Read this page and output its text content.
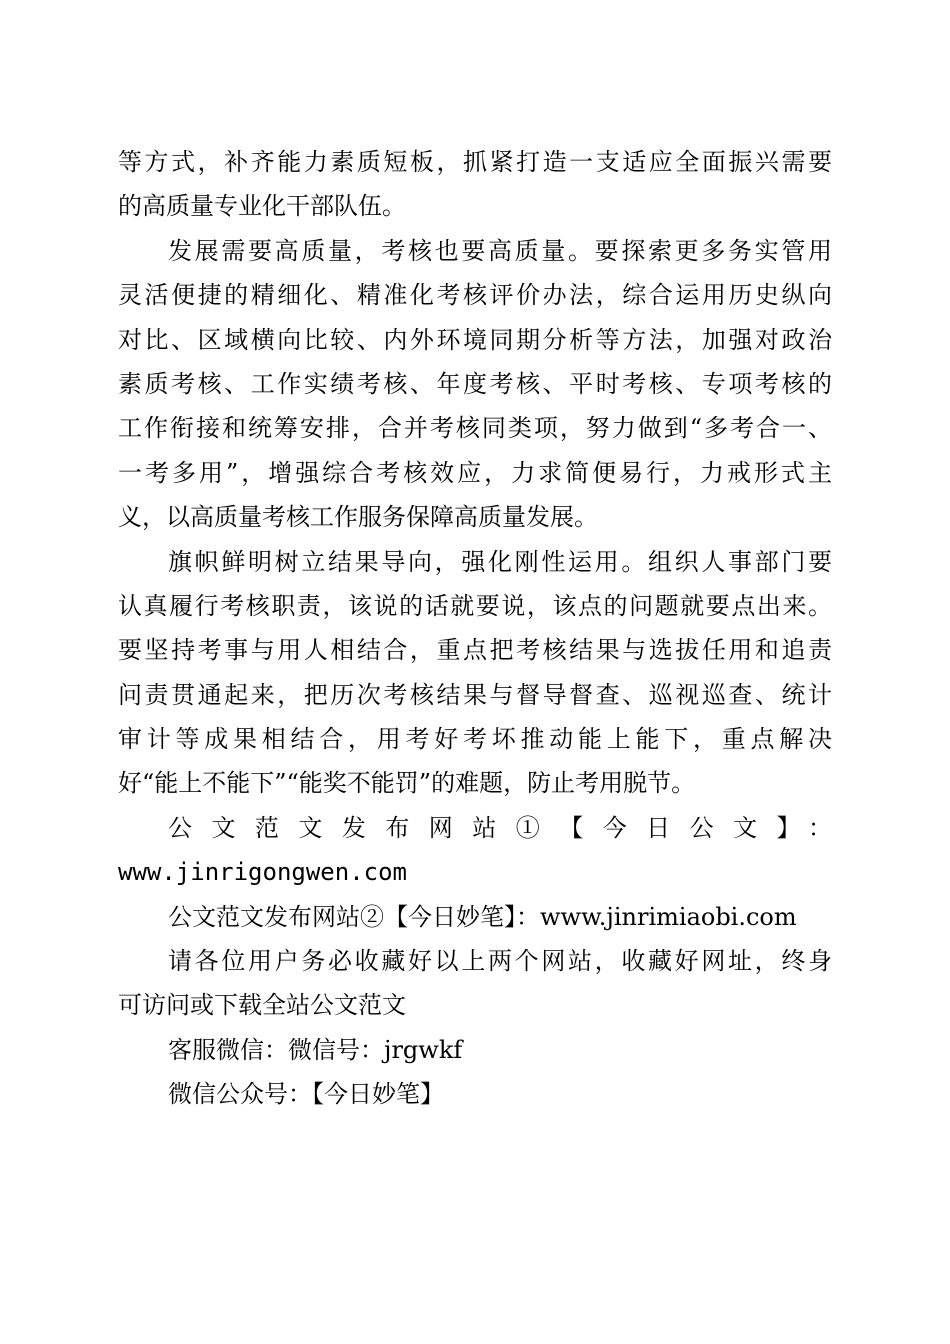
等方式，补齐能力素质短板，抓紧打造一支适应全面振兴需要
的高质量专业化干部队伍。
发展需要高质量，考核也要高质量。要探索更多务实管用
灵活便捷的精细化、精准化考核评价办法，综合运用历史纵向
对比、区域横向比较、内外环境同期分析等方法，加强对政治
素质考核、工作实绩考核、年度考核、平时考核、专项考核的
工作衔接和统筹安排，合并考核同类项，努力做到“多考合一、
一考多用”，增强综合考核效应，力求简便易行，力戒形式主
义，以高质量考核工作服务保障高质量发展。
旗帜鲜明树立结果导向，强化刚性运用。组织人事部门要
认真履行考核职责，该说的话就要说，该点的问题就要点出来。
要坚持考事与用人相结合，重点把考核结果与选拔任用和追责
问责贯通起来，把历次考核结果与督导督查、巡视巡查、统计
审计等成果相结合，用考好考坏推动能上能下，重点解决
好“能上不能下”“能奖不能罚”的难题，防止考用脱节。
公文范文发布网站①【今日公文】：
www.jinrigongwen.com
公文范文发布网站②【今日妙笔】：www.jinrimiaobi.com
请各位用户务必收藏好以上两个网站，收藏好网址，终身
可访问或下载全站公文范文
客服微信：微信号：jrgwkf
微信公众号：【今日妙笔】
